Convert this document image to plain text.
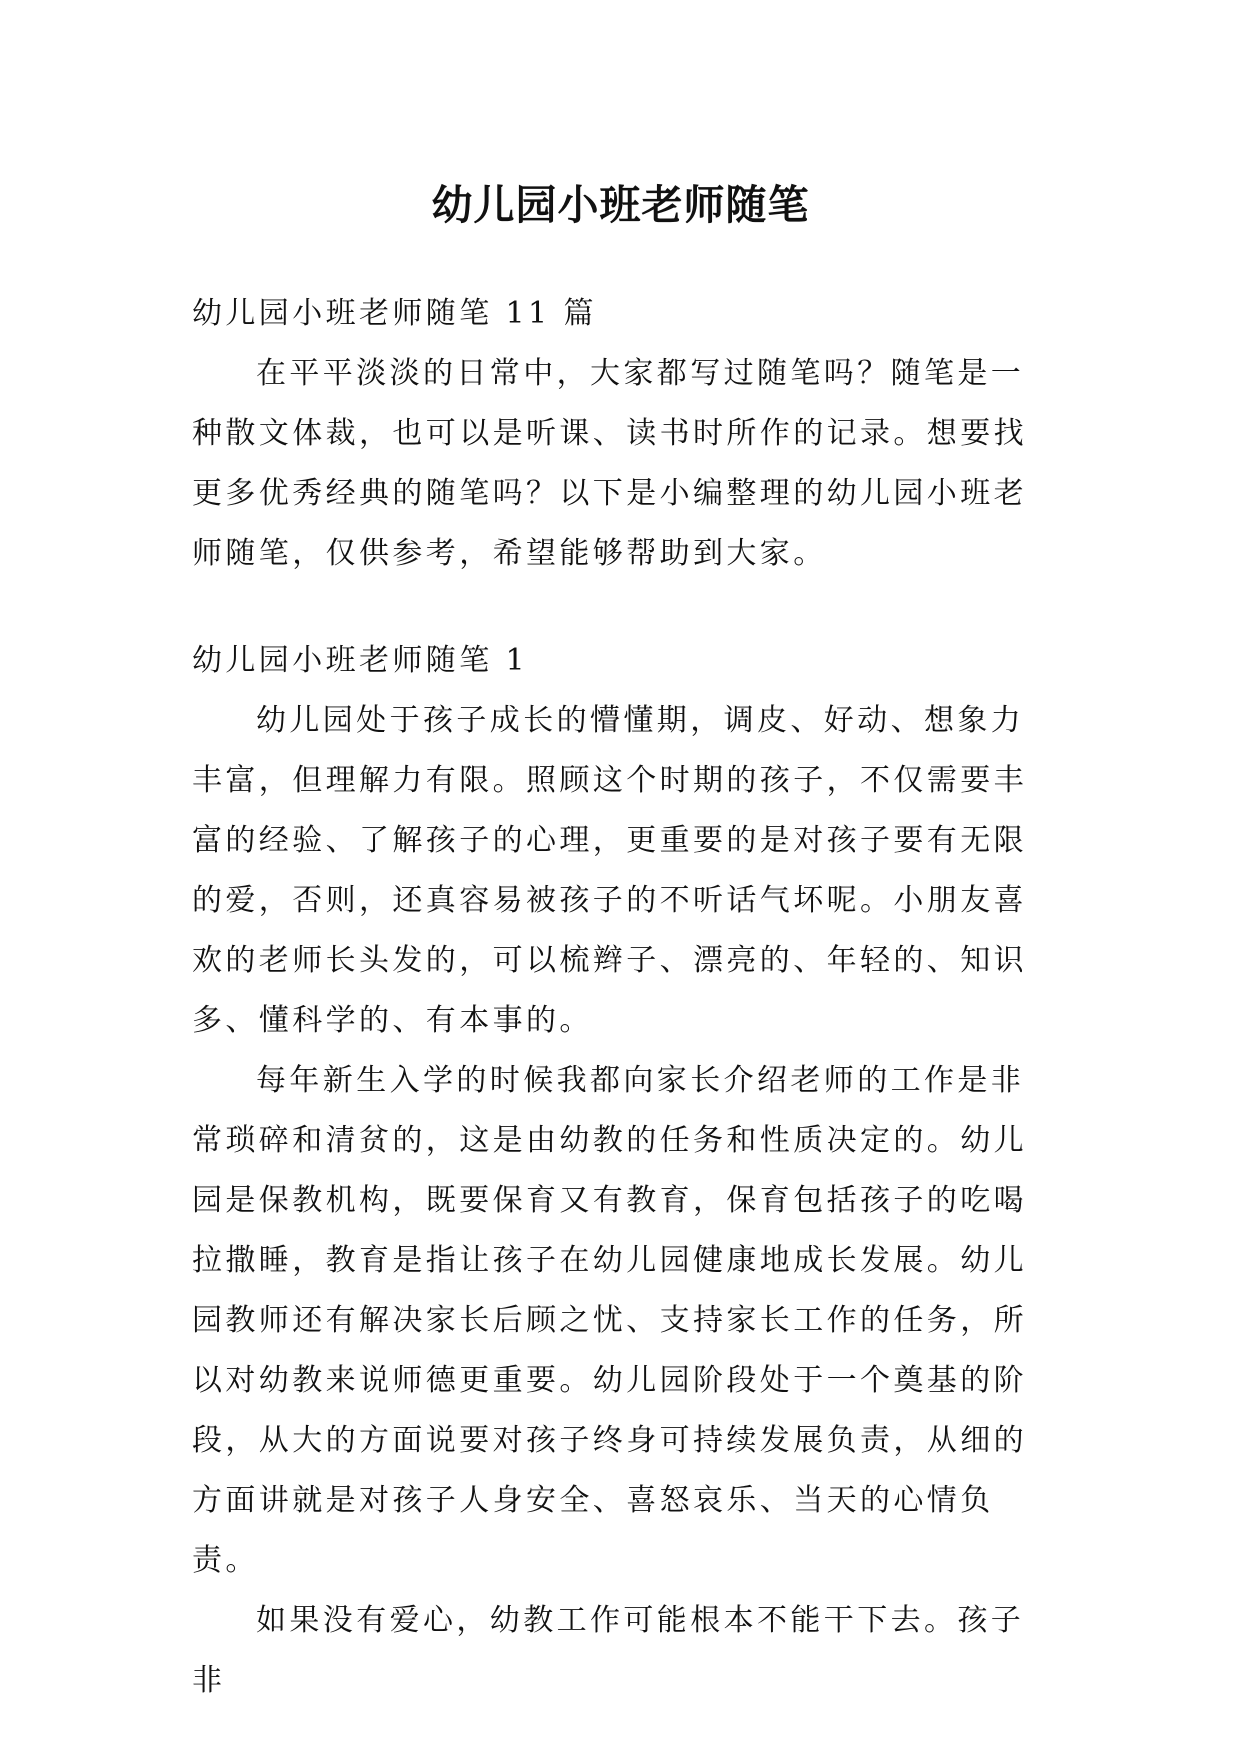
幼儿园小班老师随笔

幼儿园小班老师随笔 11 篇

在平平淡淡的日常中，大家都写过随笔吗？随笔是一种散文体裁，也可以是听课、读书时所作的记录。想要找更多优秀经典的随笔吗？以下是小编整理的幼儿园小班老师随笔，仅供参考，希望能够帮助到大家。

幼儿园小班老师随笔 1

幼儿园处于孩子成长的懵懂期，调皮、好动、想象力丰富，但理解力有限。照顾这个时期的孩子，不仅需要丰富的经验、了解孩子的心理，更重要的是对孩子要有无限的爱，否则，还真容易被孩子的不听话气坏呢。小朋友喜欢的老师长头发的，可以梳辫子、漂亮的、年轻的、知识多、懂科学的、有本事的。

每年新生入学的时候我都向家长介绍老师的工作是非常琐碎和清贫的，这是由幼教的任务和性质决定的。幼儿园是保教机构，既要保育又有教育，保育包括孩子的吃喝拉撒睡，教育是指让孩子在幼儿园健康地成长发展。幼儿园教师还有解决家长后顾之忧、支持家长工作的任务，所以对幼教来说师德更重要。幼儿园阶段处于一个奠基的阶段，从大的方面说要对孩子终身可持续发展负责，从细的方面讲就是对孩子人身安全、喜怒哀乐、当天的心情负责。

如果没有爱心，幼教工作可能根本不能干下去。孩子非
